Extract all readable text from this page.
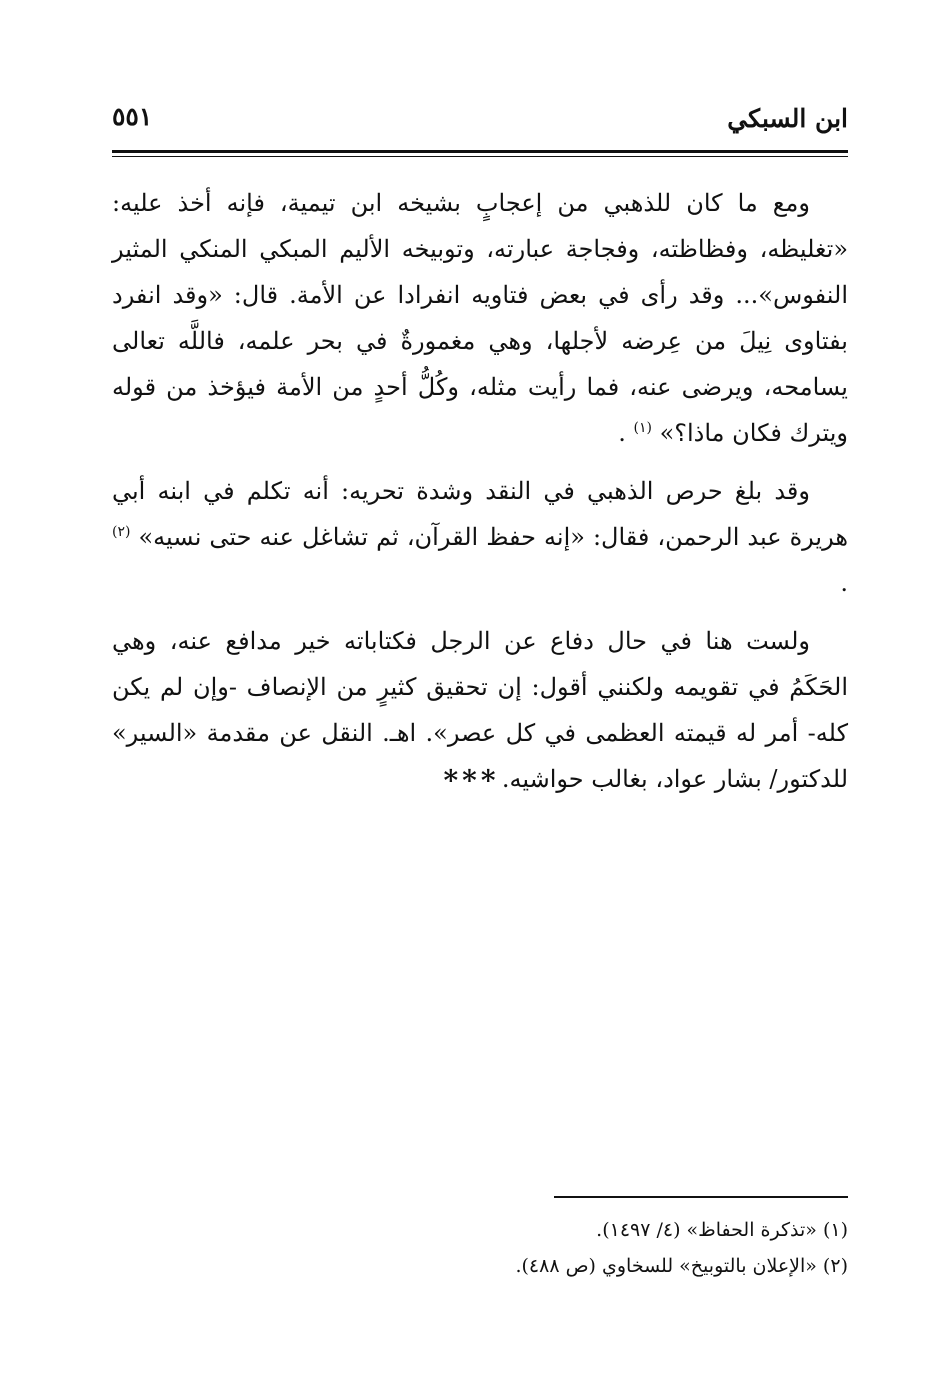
ابن السبكي
٥٥١

ومع ما كان للذهبي من إعجابٍ بشيخه ابن تيمية، فإنه أخذ عليه: «تغليظه، وفظاظته، وفجاجة عبارته، وتوبيخه الأليم المبكي المنكي المثير النفوس»... وقد رأى في بعض فتاويه انفرادا عن الأمة. قال: «وقد انفرد بفتاوى نِيلَ من عِرضه لأجلها، وهي مغمورةٌ في بحر علمه، فاللَّه تعالى يسامحه، ويرضى عنه، فما رأيت مثله، وكُلُّ أحدٍ من الأمة فيؤخذ من قوله ويترك فكان ماذا؟» $^{(١)}$ .

وقد بلغ حرص الذهبي في النقد وشدة تحريه: أنه تكلم في ابنه أبي هريرة عبد الرحمن، فقال: «إنه حفظ القرآن، ثم تشاغل عنه حتى نسيه» $^{(٢)}$ .

ولست هنا في حال دفاع عن الرجل فكتاباته خير مدافع عنه، وهي الحَكَمُ في تقويمه ولكنني أقول: إن تحقيق كثيرٍ من الإنصاف -وإن لم يكن كله- أمر له قيمته العظمى في كل عصر». اهـ. النقل عن مقدمة «السير» للدكتور/ بشار عواد، بغالب حواشيه.

***

(١) «تذكرة الحفاظ» (٤/ ١٤٩٧).

(٢) «الإعلان بالتوبيخ» للسخاوي (ص ٤٨٨).
